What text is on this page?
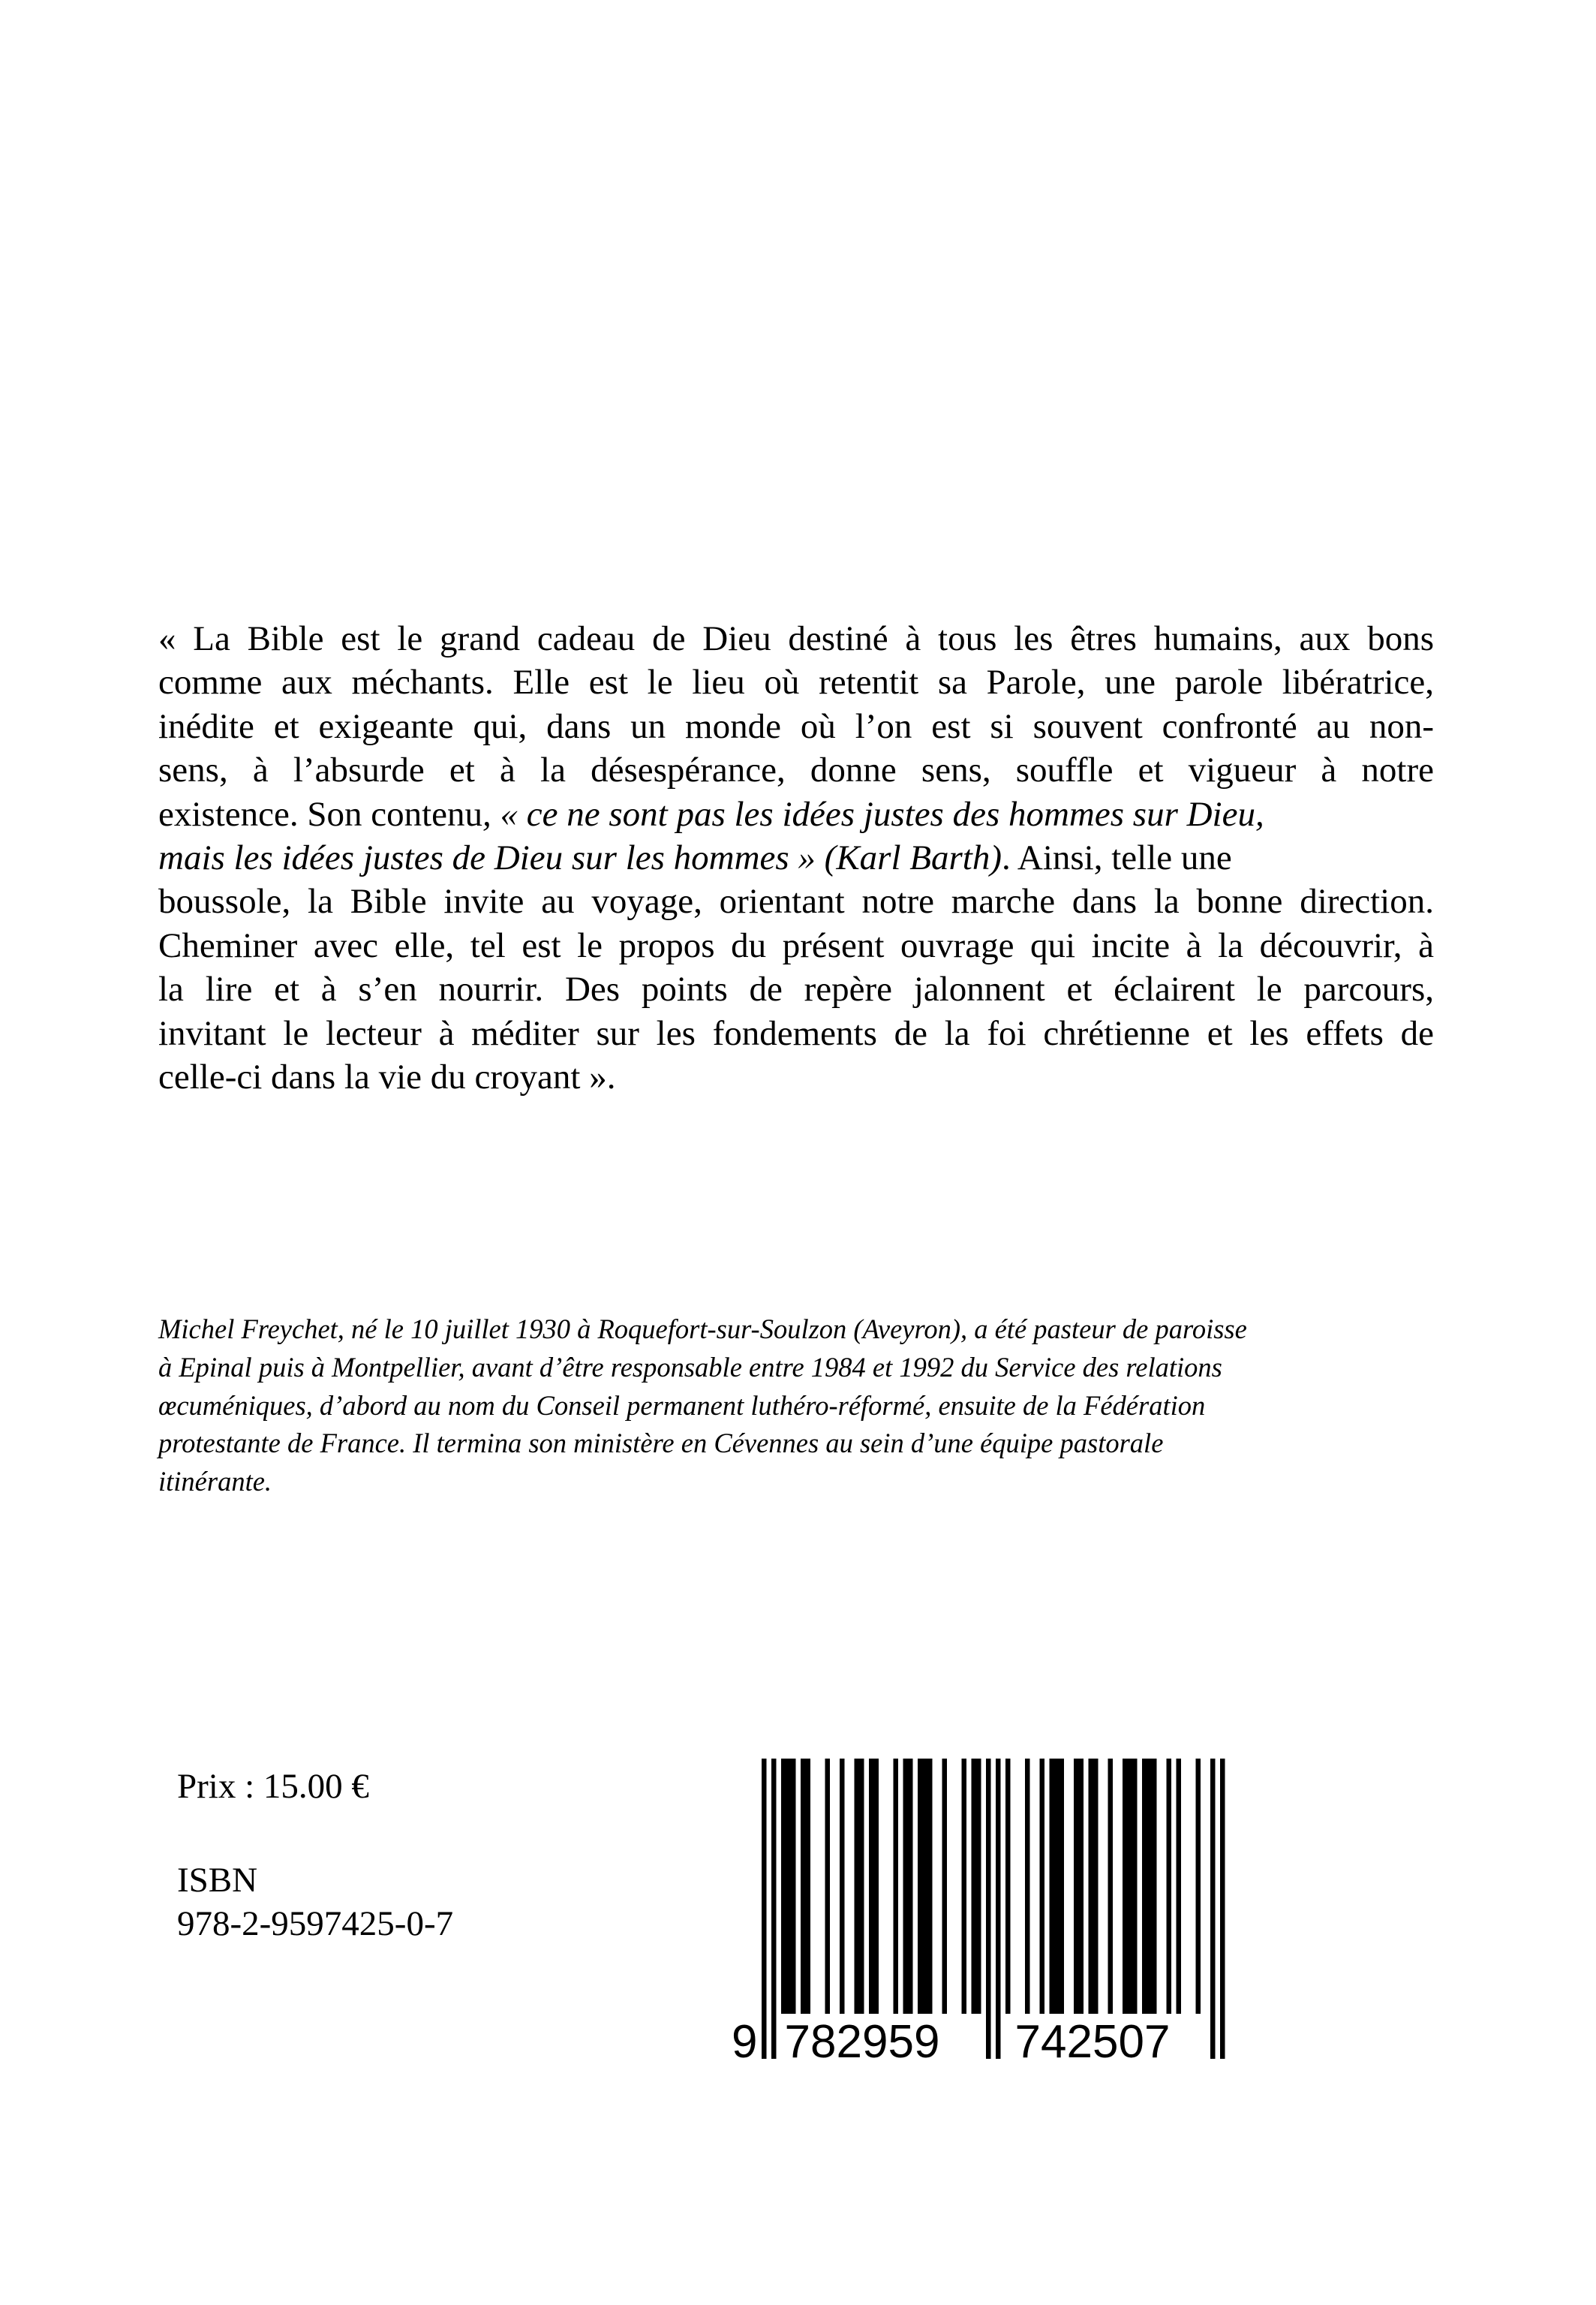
« La Bible est le grand cadeau de Dieu destiné à tous les êtres humains, aux bons
comme aux méchants. Elle est le lieu où retentit sa Parole, une parole libératrice,
inédite et exigeante qui, dans un monde où l’on est si souvent confronté au non-
sens, à l’absurde et à la désespérance, donne sens, souffle et vigueur à notre
existence. Son contenu, « ce ne sont pas les idées justes des hommes sur Dieu,
mais les idées justes de Dieu sur les hommes » (Karl Barth). Ainsi, telle une
boussole, la Bible invite au voyage, orientant notre marche dans la bonne direction.
Cheminer avec elle, tel est le propos du présent ouvrage qui incite à la découvrir, à
la lire et à s’en nourrir. Des points de repère jalonnent et éclairent le parcours,
invitant le lecteur à méditer sur les fondements de la foi chrétienne et les effets de
celle-ci dans la vie du croyant ».
Michel Freychet, né le 10 juillet 1930 à Roquefort-sur-Soulzon (Aveyron), a été pasteur de paroisse
à Epinal puis à Montpellier, avant d’être responsable entre 1984 et 1992 du Service des relations
œcuméniques, d’abord au nom du Conseil permanent luthéro-réformé, ensuite de la Fédération
protestante de France. Il termina son ministère en Cévennes au sein d’une équipe pastorale
itinérante.

Prix : 15.00 €

ISBN
978-2-9597425-0-7
9 782959 742507
